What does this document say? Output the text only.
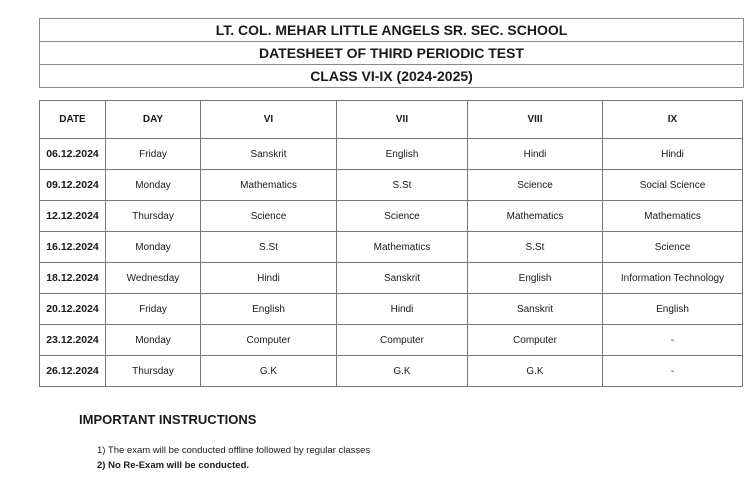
LT. COL. MEHAR LITTLE ANGELS SR. SEC. SCHOOL
DATESHEET OF THIRD PERIODIC TEST
CLASS VI-IX (2024-2025)
DATE	DAY	VI	VII	VIII	IX
06.12.2024	Friday	Sanskrit	English	Hindi	Hindi
09.12.2024	Monday	Mathematics	S.St	Science	Social Science
12.12.2024	Thursday	Science	Science	Mathematics	Mathematics
16.12.2024	Monday	S.St	Mathematics	S.St	Science
18.12.2024	Wednesday	Hindi	Sanskrit	English	Information Technology
20.12.2024	Friday	English	Hindi	Sanskrit	English
23.12.2024	Monday	Computer	Computer	Computer	-
26.12.2024	Thursday	G.K	G.K	G.K	-
IMPORTANT INSTRUCTIONS
1) The exam will be conducted offline followed by regular classes
2) No Re-Exam will be conducted.
